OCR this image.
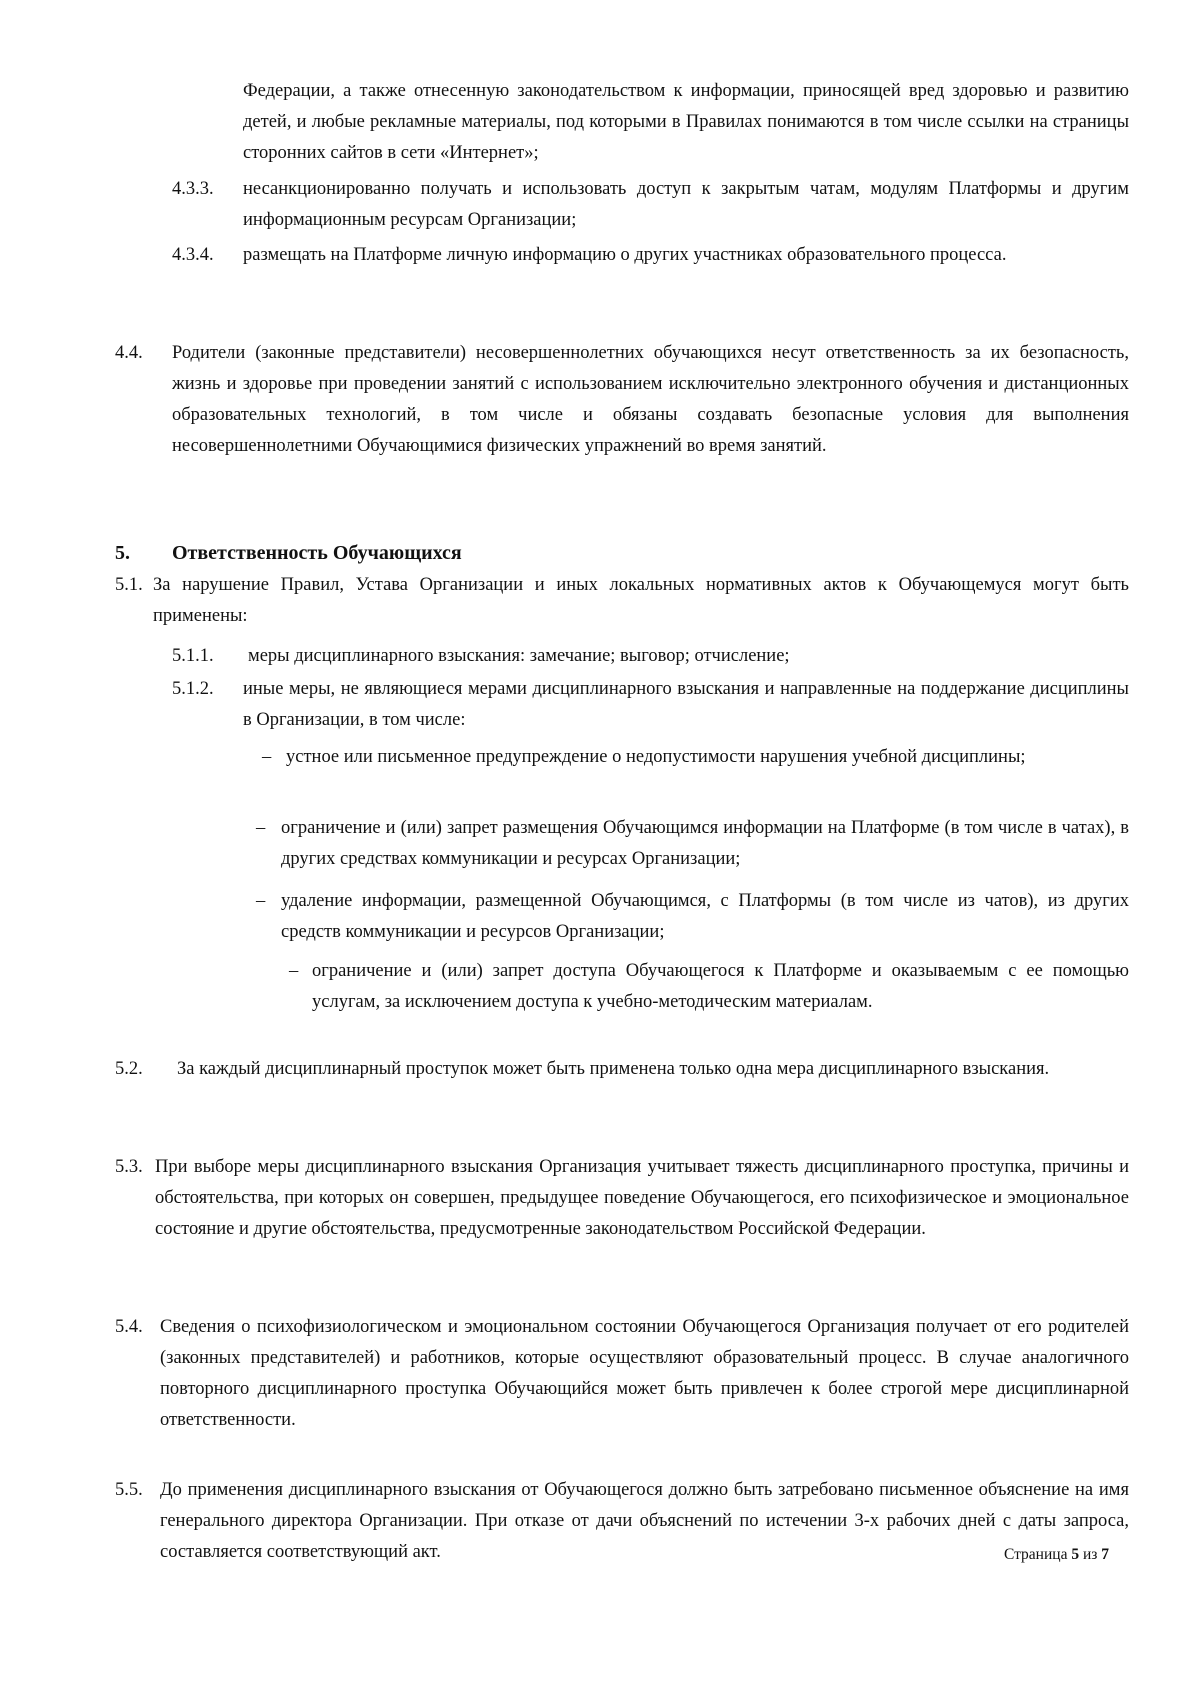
Федерации, а также отнесенную законодательством к информации, приносящей вред здоровью и развитию детей, и любые рекламные материалы, под которыми в Правилах понимаются в том числе ссылки на страницы сторонних сайтов в сети «Интернет»;
4.3.3. несанкционированно получать и использовать доступ к закрытым чатам, модулям Платформы и другим информационным ресурсам Организации;
4.3.4. размещать на Платформе личную информацию о других участниках образовательного процесса.
4.4. Родители (законные представители) несовершеннолетних обучающихся несут ответственность за их безопасность, жизнь и здоровье при проведении занятий с использованием исключительно электронного обучения и дистанционных образовательных технологий, в том числе и обязаны создавать безопасные условия для выполнения несовершеннолетними Обучающимися физических упражнений во время занятий.
5. Ответственность Обучающихся
5.1. За нарушение Правил, Устава Организации и иных локальных нормативных актов к Обучающемуся могут быть применены:
5.1.1. меры дисциплинарного взыскания: замечание; выговор; отчисление;
5.1.2. иные меры, не являющиеся мерами дисциплинарного взыскания и направленные на поддержание дисциплины в Организации, в том числе:
– устное или письменное предупреждение о недопустимости нарушения учебной дисциплины;
– ограничение и (или) запрет размещения Обучающимся информации на Платформе (в том числе в чатах), в других средствах коммуникации и ресурсах Организации;
– удаление информации, размещенной Обучающимся, с Платформы (в том числе из чатов), из других средств коммуникации и ресурсов Организации;
– ограничение и (или) запрет доступа Обучающегося к Платформе и оказываемым с ее помощью услугам, за исключением доступа к учебно-методическим материалам.
5.2. За каждый дисциплинарный проступок может быть применена только одна мера дисциплинарного взыскания.
5.3. При выборе меры дисциплинарного взыскания Организация учитывает тяжесть дисциплинарного проступка, причины и обстоятельства, при которых он совершен, предыдущее поведение Обучающегося, его психофизическое и эмоциональное состояние и другие обстоятельства, предусмотренные законодательством Российской Федерации.
5.4. Сведения о психофизиологическом и эмоциональном состоянии Обучающегося Организация получает от его родителей (законных представителей) и работников, которые осуществляют образовательный процесс. В случае аналогичного повторного дисциплинарного проступка Обучающийся может быть привлечен к более строгой мере дисциплинарной ответственности.
5.5. До применения дисциплинарного взыскания от Обучающегося должно быть затребовано письменное объяснение на имя генерального директора Организации. При отказе от дачи объяснений по истечении 3-х рабочих дней с даты запроса, составляется соответствующий акт.	Страница 5 из 7
